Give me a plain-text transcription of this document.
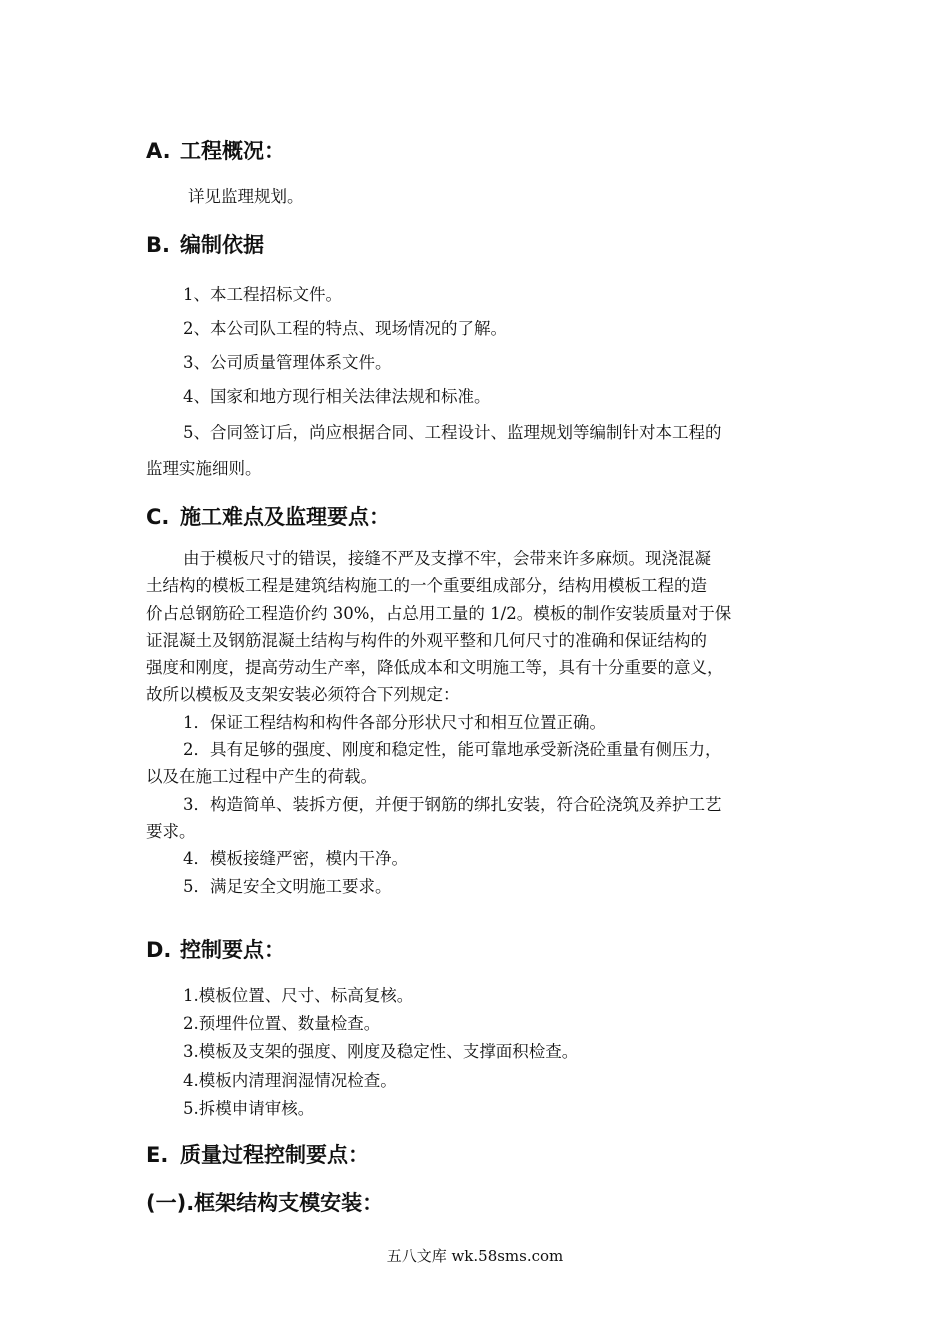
A. 工程概况：
详见监理规划。
B. 编制依据
1、本工程招标文件。
2、本公司队工程的特点、现场情况的了解。
3、公司质量管理体系文件。
4、国家和地方现行相关法律法规和标准。
5、合同签订后，尚应根据合同、工程设计、监理规划等编制针对本工程的
监理实施细则。
C. 施工难点及监理要点：
由于模板尺寸的错误，接缝不严及支撑不牢，会带来许多麻烦。现浇混凝
土结构的模板工程是建筑结构施工的一个重要组成部分，结构用模板工程的造
价占总钢筋砼工程造价约 30%，占总用工量的 1/2。模板的制作安装质量对于保
证混凝土及钢筋混凝土结构与构件的外观平整和几何尺寸的准确和保证结构的
强度和刚度，提高劳动生产率，降低成本和文明施工等，具有十分重要的意义，
故所以模板及支架安装必须符合下列规定：
1．保证工程结构和构件各部分形状尺寸和相互位置正确。
2．具有足够的强度、刚度和稳定性，能可靠地承受新浇砼重量有侧压力，
以及在施工过程中产生的荷载。
3．构造简单、装拆方便，并便于钢筋的绑扎安装，符合砼浇筑及养护工艺
要求。
4．模板接缝严密，模内干净。
5．满足安全文明施工要求。
D. 控制要点：
1.模板位置、尺寸、标高复核。
2.预埋件位置、数量检查。
3.模板及支架的强度、刚度及稳定性、支撑面积检查。
4.模板内清理润湿情况检查。
5.拆模申请审核。
E. 质量过程控制要点：
(一).框架结构支模安装：
五八文库 wk.58sms.com
